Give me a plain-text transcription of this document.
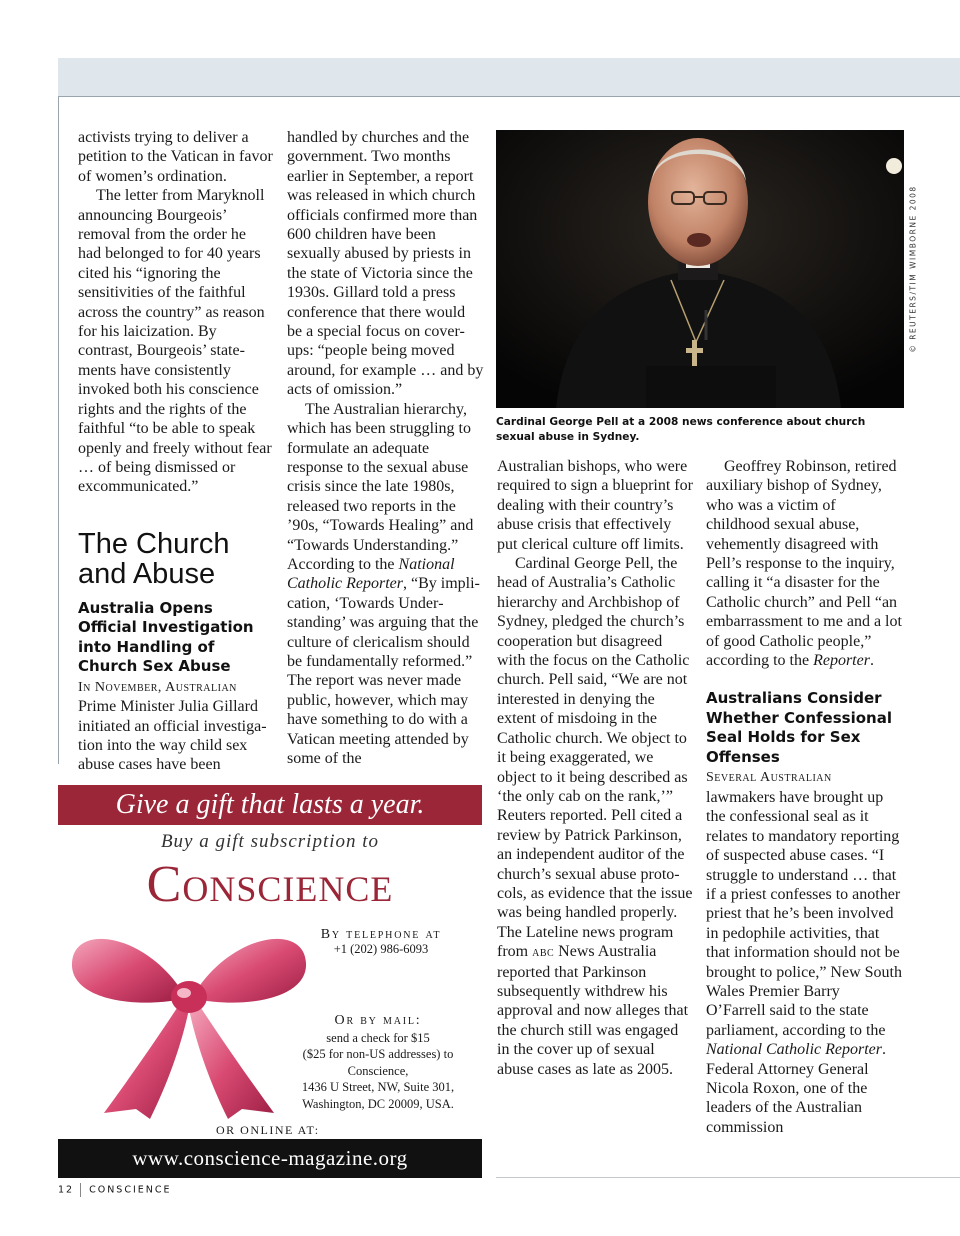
activists trying to deliver a petition to the Vatican in favor of women’s ordination.

The letter from Maryknoll announcing Bourgeois’ removal from the order he had belonged to for 40 years cited his “ignoring the sensitivities of the faithful across the country” as reason for his laicization. By contrast, Bourgeois’ statements have consistently invoked both his conscience rights and the rights of the faithful “to be able to speak openly and freely without fear … of being dismissed or excommunicated.”

The Church
and Abuse
Australia Opens Official Investigation into Handling of Church Sex Abuse

In November, Australian

Prime Minister Julia Gillard initiated an official investigation into the way child sex abuse cases have been

handled by churches and the government. Two months earlier in September, a report was released in which church officials confirmed more than 600 children have been sexually abused by priests in the state of Victoria since the 1930s. Gillard told a press conference that there would be a special focus on cover-ups: “people being moved around, for example … and by acts of omission.”

The Australian hierarchy, which has been struggling to formulate an adequate response to the sexual abuse crisis since the late 1980s, released two reports in the ’90s, “Towards Healing” and “Towards Understanding.” According to the National Catholic Reporter, “By implication, ‘Towards Understanding’ was arguing that the culture of clericalism should be fundamentally reformed.” The report was never made public, however, which may have something to do with a Vatican meeting attended by some of the

© REUTERS/TIM WIMBORNE 2008
Cardinal George Pell at a 2008 news conference about church sexual abuse in Sydney.

Australian bishops, who were required to sign a blueprint for dealing with their country’s abuse crisis that effectively put clerical culture off limits.

Cardinal George Pell, the head of Australia’s Catholic hierarchy and Archbishop of Sydney, pledged the church’s cooperation but disagreed with the focus on the Catholic church. Pell said, “We are not interested in denying the extent of misdoing in the Catholic church. We object to it being exaggerated, we object to it being described as ‘the only cab on the rank,’” Reuters reported. Pell cited a review by Patrick Parkinson, an independent auditor of the church’s sexual abuse protocols, as evidence that the issue was being handled properly. The Lateline news program from abc News Australia reported that Parkinson subsequently withdrew his approval and now alleges that the church still was engaged in the cover up of sexual abuse cases as late as 2005.

Geoffrey Robinson, retired auxiliary bishop of Sydney, who was a victim of childhood sexual abuse, vehemently disagreed with Pell’s response to the inquiry, calling it “a disaster for the Catholic church” and Pell “an embarrassment to me and a lot of good Catholic people,” according to the Reporter.

Australians Consider Whether Confessional Seal Holds for Sex Offenses

Several Australian

lawmakers have brought up the confessional seal as it relates to mandatory reporting of suspected abuse cases. “I struggle to understand … that if a priest confesses to another priest that he’s been involved in pedophile activities, that that information should not be brought to police,” New South Wales Premier Barry O’Farrell said to the state parliament, according to the National Catholic Reporter. Federal Attorney General Nicola Roxon, one of the leaders of the Australian commission

Give a gift that lasts a year.
Buy a gift subscription to
Conscience
By telephone at
+1 (202) 986-6093
Or by mail:
send a check for $15
($25 for non-US addresses) to
Conscience,
1436 U Street, NW, Suite 301,
Washington, DC 20009, USA.
OR ONLINE AT:
www.conscience-magazine.org
12 CONSCIENCE
